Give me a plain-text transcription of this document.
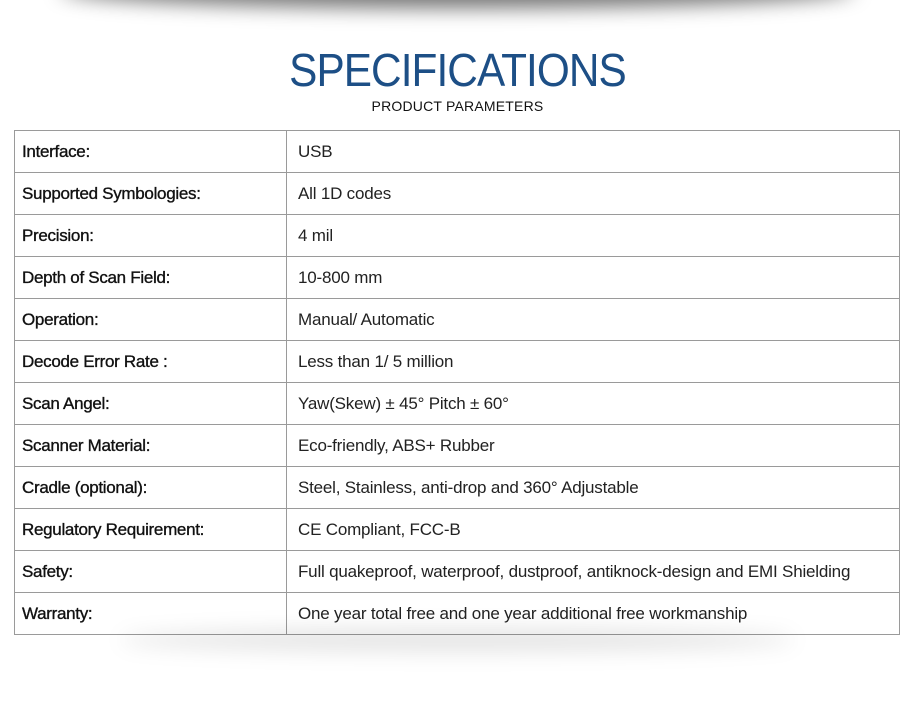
SPECIFICATIONS
PRODUCT PARAMETERS
Interface:	USB
Supported Symbologies:	All 1D codes
Precision:	4 mil
Depth of Scan Field:	10-800 mm
Operation:	Manual/ Automatic
Decode Error Rate :	Less than 1/ 5 million
Scan Angel:	Yaw(Skew) ± 45° Pitch ± 60°
Scanner Material:	Eco-friendly, ABS+ Rubber
Cradle (optional):	Steel, Stainless, anti-drop and 360° Adjustable
Regulatory Requirement:	CE Compliant, FCC-B
Safety:	Full quakeproof, waterproof, dustproof, antiknock-design and EMI Shielding
Warranty:	One year total free and one year additional free workmanship
